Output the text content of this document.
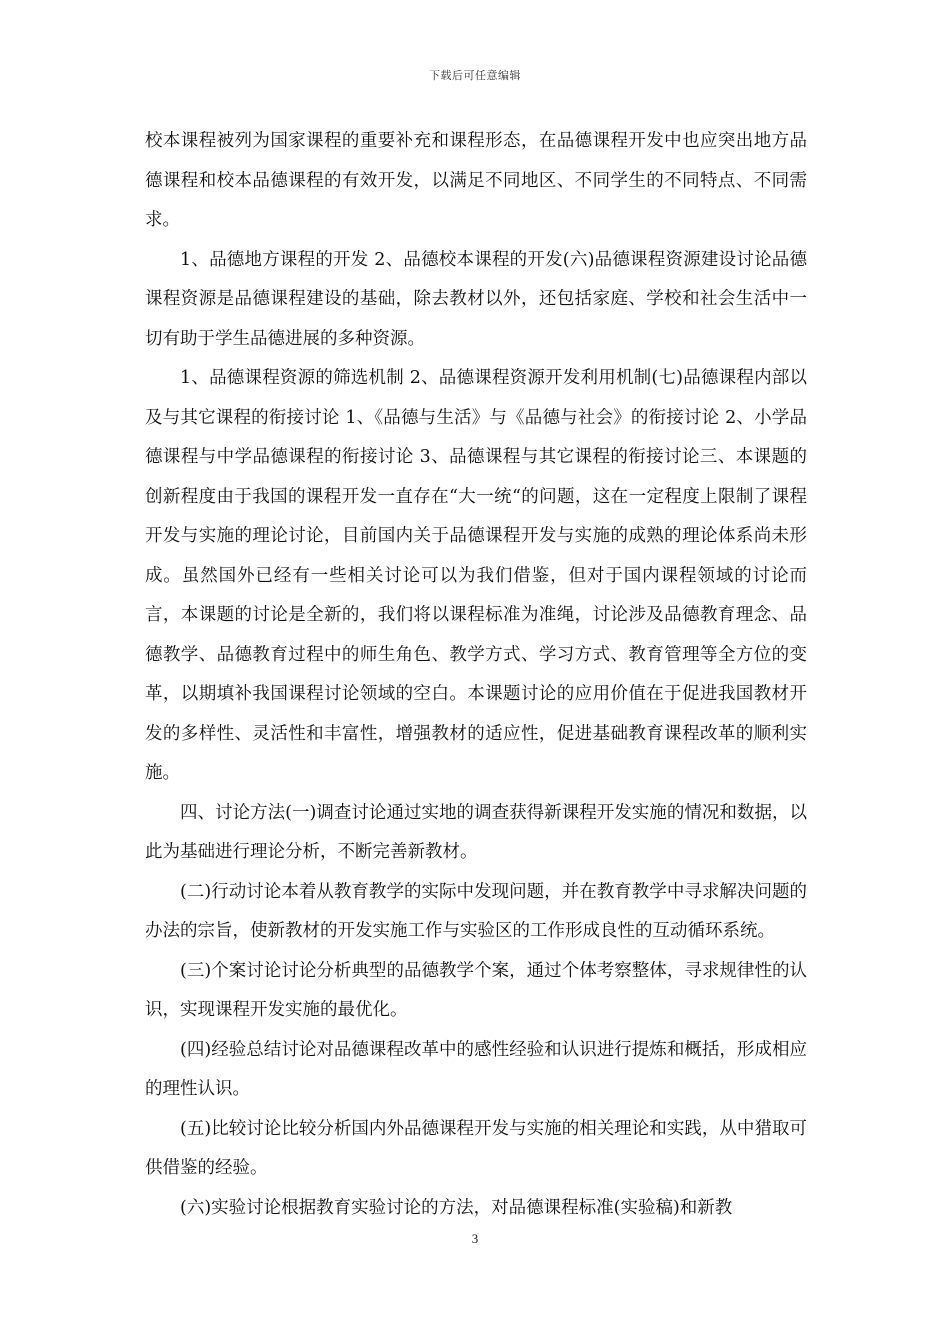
下载后可任意编辑

校本课程被列为国家课程的重要补充和课程形态，在品德课程开发中也应突出地方品德课程和校本品德课程的有效开发，以满足不同地区、不同学生的不同特点、不同需求。

1、品德地方课程的开发 2、品德校本课程的开发(六)品德课程资源建设讨论品德课程资源是品德课程建设的基础，除去教材以外，还包括家庭、学校和社会生活中一切有助于学生品德进展的多种资源。

1、品德课程资源的筛选机制 2、品德课程资源开发利用机制(七)品德课程内部以及与其它课程的衔接讨论 1、《品德与生活》与《品德与社会》的衔接讨论 2、小学品德课程与中学品德课程的衔接讨论 3、品德课程与其它课程的衔接讨论三、本课题的创新程度由于我国的课程开发一直存在“大一统“的问题，这在一定程度上限制了课程开发与实施的理论讨论，目前国内关于品德课程开发与实施的成熟的理论体系尚未形成。虽然国外已经有一些相关讨论可以为我们借鉴，但对于国内课程领域的讨论而言，本课题的讨论是全新的，我们将以课程标准为准绳，讨论涉及品德教育理念、品德教学、品德教育过程中的师生角色、教学方式、学习方式、教育管理等全方位的变革，以期填补我国课程讨论领域的空白。本课题讨论的应用价值在于促进我国教材开发的多样性、灵活性和丰富性，增强教材的适应性，促进基础教育课程改革的顺利实施。

四、讨论方法(一)调查讨论通过实地的调查获得新课程开发实施的情况和数据，以此为基础进行理论分析，不断完善新教材。

(二)行动讨论本着从教育教学的实际中发现问题，并在教育教学中寻求解决问题的办法的宗旨，使新教材的开发实施工作与实验区的工作形成良性的互动循环系统。

(三)个案讨论讨论分析典型的品德教学个案，通过个体考察整体，寻求规律性的认识，实现课程开发实施的最优化。

(四)经验总结讨论对品德课程改革中的感性经验和认识进行提炼和概括，形成相应的理性认识。

(五)比较讨论比较分析国内外品德课程开发与实施的相关理论和实践，从中猎取可供借鉴的经验。

(六)实验讨论根据教育实验讨论的方法，对品德课程标准(实验稿)和新教

3
